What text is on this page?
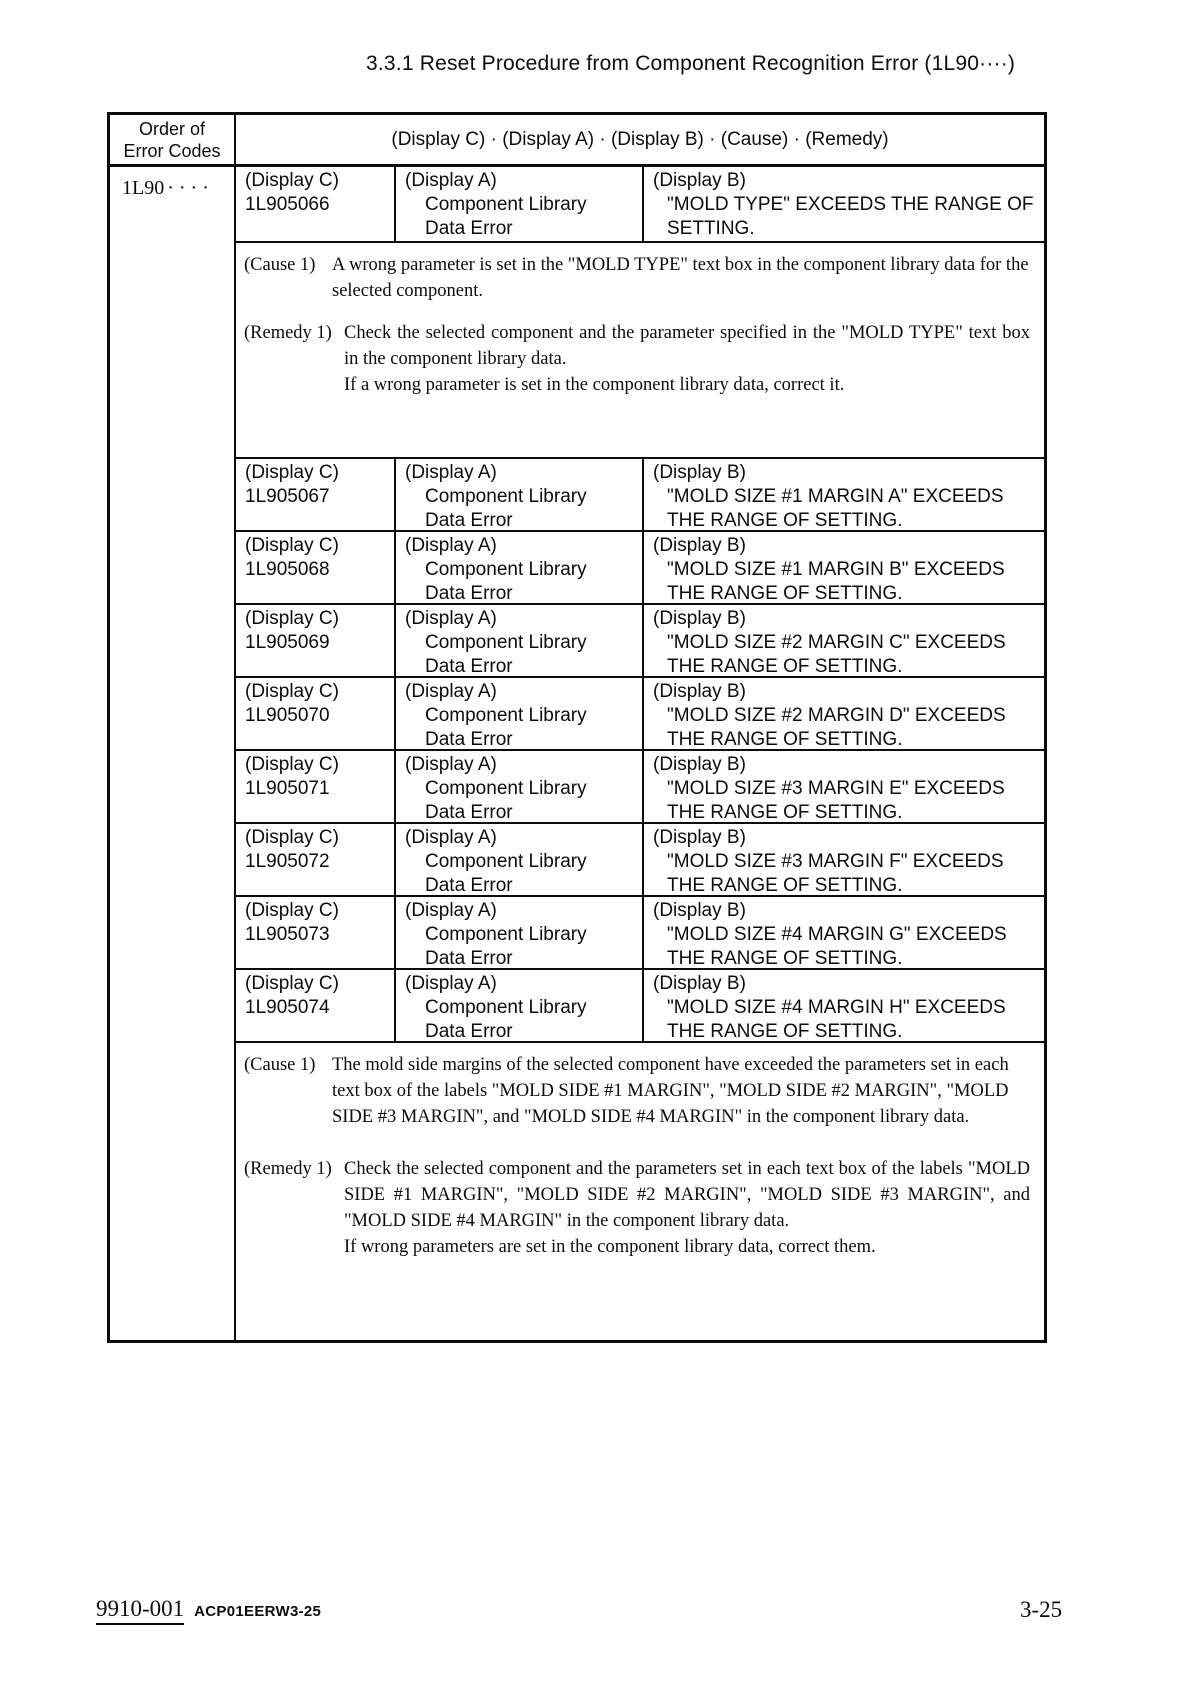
3.3.1 Reset Procedure from Component Recognition Error (1L90····)
Order of
Error Codes
(Display C) · (Display A) · (Display B) · (Cause) · (Remedy)
1L90 ····	(Display C)
1L905066
(Display A)
Component Library
Data Error
(Display B)
"MOLD TYPE" EXCEEDS THE RANGE OF
SETTING.
(Cause 1) A wrong parameter is set in the "MOLD TYPE" text box in the component library data for the selected component.

(Remedy 1) Check the selected component and the parameter specified in the "MOLD TYPE" text box in the component library data.

If a wrong parameter is set in the component library data, correct it.

(Display C)
1L905067
(Display A)
Component Library
Data Error
(Display B)
"MOLD SIZE #1 MARGIN A" EXCEEDS
THE RANGE OF SETTING.
(Display C)
1L905068
(Display A)
Component Library
Data Error
(Display B)
"MOLD SIZE #1 MARGIN B" EXCEEDS
THE RANGE OF SETTING.
(Display C)
1L905069
(Display A)
Component Library
Data Error
(Display B)
"MOLD SIZE #2 MARGIN C" EXCEEDS
THE RANGE OF SETTING.
(Display C)
1L905070
(Display A)
Component Library
Data Error
(Display B)
"MOLD SIZE #2 MARGIN D" EXCEEDS
THE RANGE OF SETTING.
(Display C)
1L905071
(Display A)
Component Library
Data Error
(Display B)
"MOLD SIZE #3 MARGIN E" EXCEEDS
THE RANGE OF SETTING.
(Display C)
1L905072
(Display A)
Component Library
Data Error
(Display B)
"MOLD SIZE #3 MARGIN F" EXCEEDS
THE RANGE OF SETTING.
(Display C)
1L905073
(Display A)
Component Library
Data Error
(Display B)
"MOLD SIZE #4 MARGIN G" EXCEEDS
THE RANGE OF SETTING.
(Display C)
1L905074
(Display A)
Component Library
Data Error
(Display B)
"MOLD SIZE #4 MARGIN H" EXCEEDS
THE RANGE OF SETTING.
(Cause 1) The mold side margins of the selected component have exceeded the parameters set in each text box of the labels "MOLD SIDE #1 MARGIN", "MOLD SIDE #2 MARGIN", "MOLD SIDE #3 MARGIN", and "MOLD SIDE #4 MARGIN" in the component library data.

(Remedy 1) Check the selected component and the parameters set in each text box of the labels "MOLD SIDE #1 MARGIN", "MOLD SIDE #2 MARGIN", "MOLD SIDE #3 MARGIN", and "MOLD SIDE #4 MARGIN" in the component library data.

If wrong parameters are set in the component library data, correct them.

9910-001 ACP01EERW3-25	3-25
